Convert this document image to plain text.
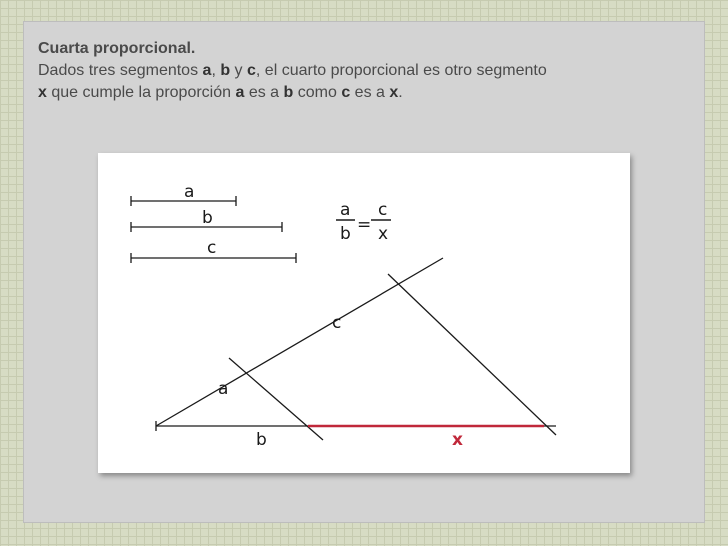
Cuarta proporcional.
Dados tres segmentos a, b y c, el cuarto proporcional es otro segmento
x que cumple la proporción a es a b como c es a x.
a
b
c
a
b =
c
x
c
a
b	x
